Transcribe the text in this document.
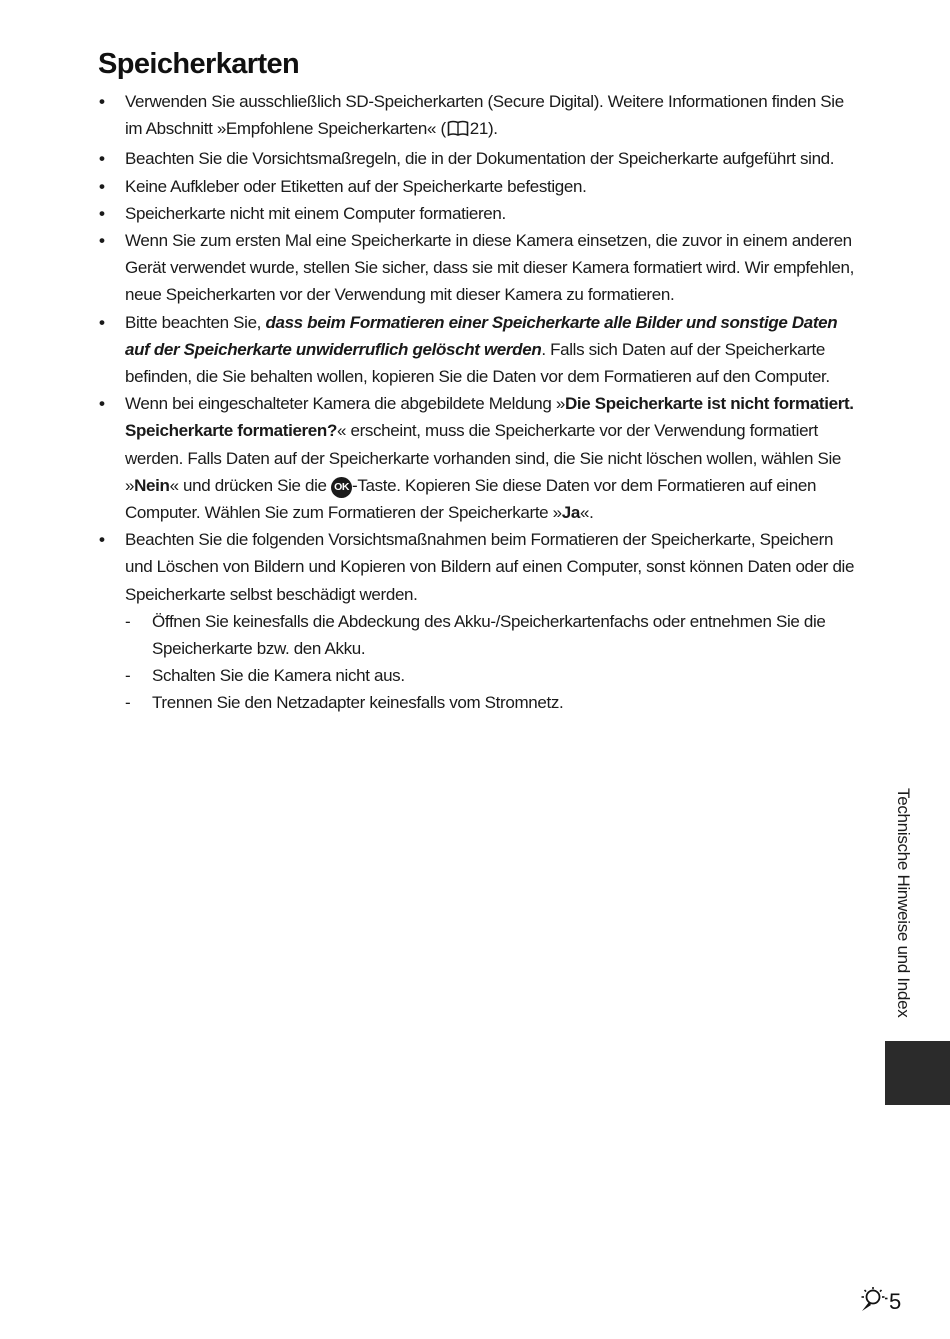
Speicherkarten
• Verwenden Sie ausschließlich SD-Speicherkarten (Secure Digital). Weitere Informationen finden Sie im Abschnitt »Empfohlene Speicherkarten« ( 21).
• Beachten Sie die Vorsichtsmaßregeln, die in der Dokumentation der Speicherkarte aufgeführt sind.
• Keine Aufkleber oder Etiketten auf der Speicherkarte befestigen.
• Speicherkarte nicht mit einem Computer formatieren.
• Wenn Sie zum ersten Mal eine Speicherkarte in diese Kamera einsetzen, die zuvor in einem anderen Gerät verwendet wurde, stellen Sie sicher, dass sie mit dieser Kamera formatiert wird. Wir empfehlen, neue Speicherkarten vor der Verwendung mit dieser Kamera zu formatieren.
• Bitte beachten Sie, dass beim Formatieren einer Speicherkarte alle Bilder und sonstige Daten auf der Speicherkarte unwiderruflich gelöscht werden. Falls sich Daten auf der Speicherkarte befinden, die Sie behalten wollen, kopieren Sie die Daten vor dem Formatieren auf den Computer.
• Wenn bei eingeschalteter Kamera die abgebildete Meldung »Die Speicherkarte ist nicht formatiert. Speicherkarte formatieren?« erscheint, muss die Speicherkarte vor der Verwendung formatiert werden. Falls Daten auf der Speicherkarte vorhanden sind, die Sie nicht löschen wollen, wählen Sie »Nein« und drücken Sie die OK -Taste. Kopieren Sie diese Daten vor dem Formatieren auf einen Computer. Wählen Sie zum Formatieren der Speicherkarte »Ja«.
• Beachten Sie die folgenden Vorsichtsmaßnahmen beim Formatieren der Speicherkarte, Speichern und Löschen von Bildern und Kopieren von Bildern auf einen Computer, sonst können Daten oder die Speicherkarte selbst beschädigt werden.
- Öffnen Sie keinesfalls die Abdeckung des Akku-/Speicherkartenfachs oder entnehmen Sie die Speicherkarte bzw. den Akku.
- Schalten Sie die Kamera nicht aus.
- Trennen Sie den Netzadapter keinesfalls vom Stromnetz.
Technische Hinweise und Index
5
